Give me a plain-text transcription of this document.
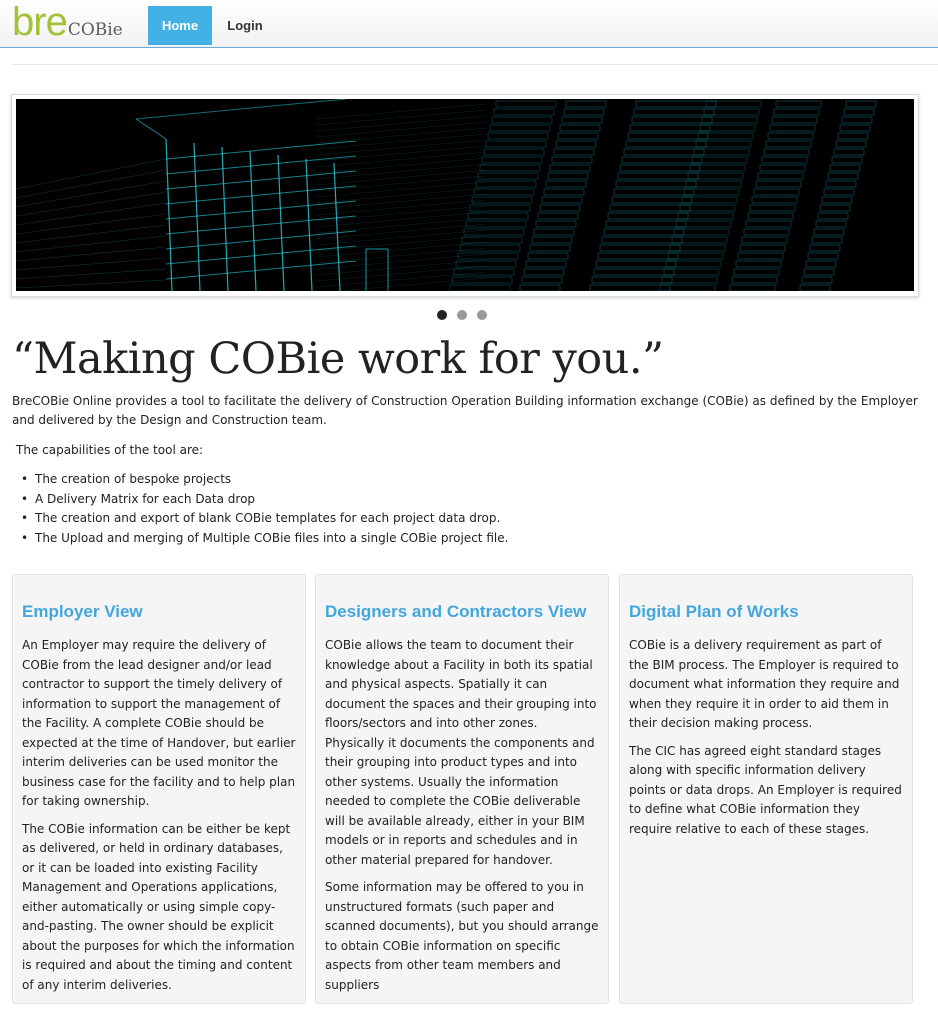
breCOBie	Home	Login
“Making COBie work for you.”

BreCOBie Online provides a tool to facilitate the delivery of Construction Operation Building information exchange (COBie) as defined by the Employer and delivered by the Design and Construction team.

The capabilities of the tool are:

• The creation of bespoke projects
• A Delivery Matrix for each Data drop
• The creation and export of blank COBie templates for each project data drop.
• The Upload and merging of Multiple COBie files into a single COBie project file.
Employer View

An Employer may require the delivery of COBie from the lead designer and/or lead contractor to support the timely delivery of information to support the management of the Facility. A complete COBie should be expected at the time of Handover, but earlier interim deliveries can be used monitor the business case for the facility and to help plan for taking ownership.

The COBie information can be either be kept as delivered, or held in ordinary databases, or it can be loaded into existing Facility Management and Operations applications, either automatically or using simple copy-and-pasting. The owner should be explicit about the purposes for which the information is required and about the timing and content of any interim deliveries.

Designers and Contractors View

COBie allows the team to document their knowledge about a Facility in both its spatial and physical aspects. Spatially it can document the spaces and their grouping into floors/sectors and into other zones. Physically it documents the components and their grouping into product types and into other systems. Usually the information needed to complete the COBie deliverable will be available already, either in your BIM models or in reports and schedules and in other material prepared for handover.

Some information may be offered to you in unstructured formats (such paper and scanned documents), but you should arrange to obtain COBie information on specific aspects from other team members and suppliers

Digital Plan of Works

COBie is a delivery requirement as part of the BIM process. The Employer is required to document what information they require and when they require it in order to aid them in their decision making process.

The CIC has agreed eight standard stages along with specific information delivery points or data drops. An Employer is required to define what COBie information they require relative to each of these stages.
